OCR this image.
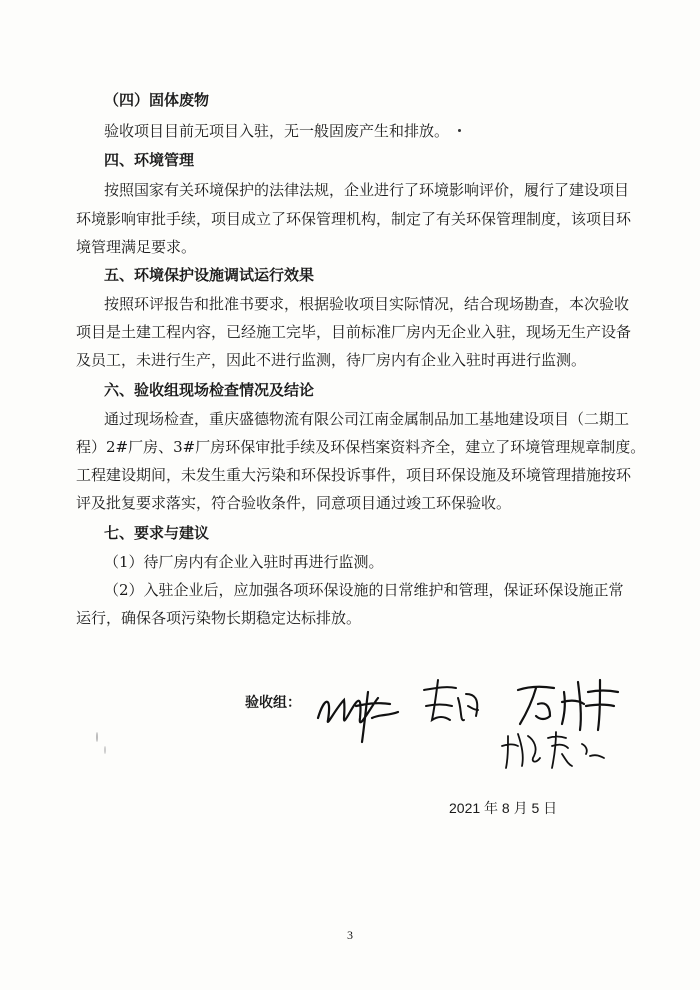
（四）固体废物
验收项目目前无项目入驻，无一般固废产生和排放。
四、环境管理
按照国家有关环境保护的法律法规，企业进行了环境影响评价，履行了建设项目
环境影响审批手续，项目成立了环保管理机构，制定了有关环保管理制度，该项目环
境管理满足要求。
五、环境保护设施调试运行效果
按照环评报告和批准书要求，根据验收项目实际情况，结合现场勘查，本次验收
项目是土建工程内容，已经施工完毕，目前标准厂房内无企业入驻，现场无生产设备
及员工，未进行生产，因此不进行监测，待厂房内有企业入驻时再进行监测。
六、验收组现场检查情况及结论
通过现场检查，重庆盛德物流有限公司江南金属制品加工基地建设项目（二期工
程）2#厂房、3#厂房环保审批手续及环保档案资料齐全，建立了环境管理规章制度。
工程建设期间，未发生重大污染和环保投诉事件，项目环保设施及环境管理措施按环
评及批复要求落实，符合验收条件，同意项目通过竣工环保验收。
七、要求与建议
（1）待厂房内有企业入驻时再进行监测。
（2）入驻企业后，应加强各项环保设施的日常维护和管理，保证环保设施正常
运行，确保各项污染物长期稳定达标排放。
验收组：
2021 年 8 月 5 日
3
